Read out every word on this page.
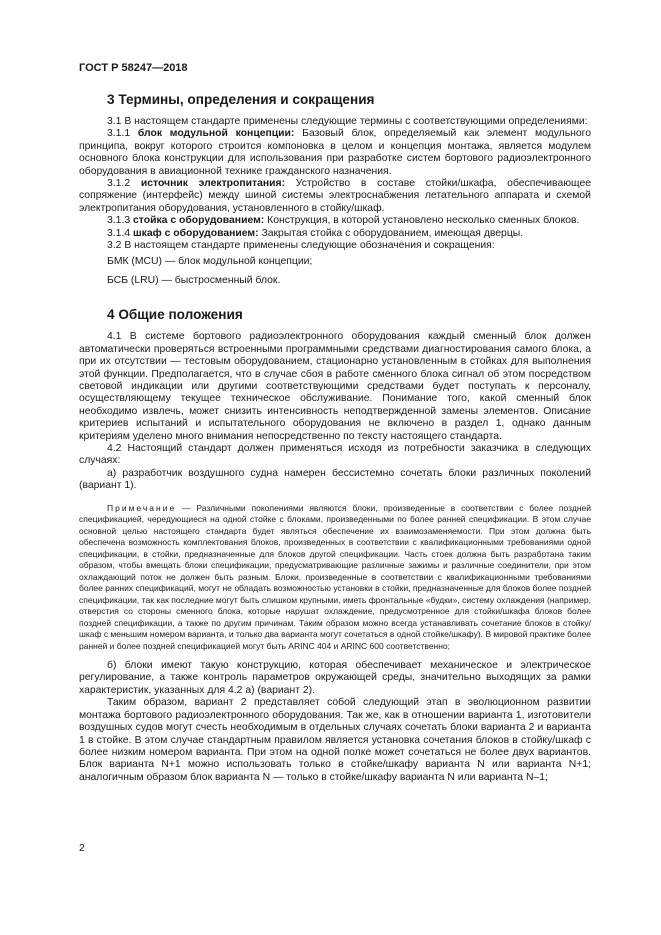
ГОСТ Р 58247—2018
3 Термины, определения и сокращения

3.1 В настоящем стандарте применены следующие термины с соответствующими определениями:

3.1.1 блок модульной концепции: Базовый блок, определяемый как элемент модульного принципа, вокруг которого строится компоновка в целом и концепция монтажа, является модулем основного блока конструкции для использования при разработке систем бортового радиоэлектронного оборудования в авиационной технике гражданского назначения.

3.1.2 источник электропитания: Устройство в составе стойки/шкафа, обеспечивающее сопряжение (интерфейс) между шиной системы электроснабжения летательного аппарата и схемой электропитания оборудования, установленного в стойку/шкаф.

3.1.3 стойка с оборудованием: Конструкция, в которой установлено несколько сменных блоков.

3.1.4 шкаф с оборудованием: Закрытая стойка с оборудованием, имеющая дверцы.

3.2 В настоящем стандарте применены следующие обозначения и сокращения:

БМК (MCU) — блок модульной концепции;

БСБ (LRU) — быстросменный блок.

4 Общие положения

4.1 В системе бортового радиоэлектронного оборудования каждый сменный блок должен автоматически проверяться встроенными программными средствами диагностирования самого блока, а при их отсутствии — тестовым оборудованием, стационарно установленным в стойках для выполнения этой функции. Предполагается, что в случае сбоя в работе сменного блока сигнал об этом посредством световой индикации или другими соответствующими средствами будет поступать к персоналу, осуществляющему текущее техническое обслуживание. Понимание того, какой сменный блок необходимо извлечь, может снизить интенсивность неподтвержденной замены элементов. Описание критериев испытаний и испытательного оборудования не включено в раздел 1, однако данным критериям уделено много внимания непосредственно по тексту настоящего стандарта.

4.2 Настоящий стандарт должен применяться исходя из потребности заказчика в следующих случаях:

а) разработчик воздушного судна намерен бессистемно сочетать блоки различных поколений (вариант 1).

Примечание — Различными поколениями являются блоки, произведенные в соответствии с более поздней спецификацией, чередующиеся на одной стойке с блоками, произведенными по более ранней спецификации. В этом случае основной целью настоящего стандарта будет являться обеспечение их взаимозаменяемости. При этом должна быть обеспечена возможность комплектования блоков, произведенных в соответствии с квалификационными требованиями одной спецификации, в стойки, предназначенные для блоков другой спецификации. Часть стоек должна быть разработана таким образом, чтобы вмещать блоки спецификации, предусматривающие различные зажимы и различные соединители, при этом охлаждающий поток не должен быть разным. Блоки, произведенные в соответствии с квалификационными требованиями более ранних спецификаций, могут не обладать возможностью установки в стойки, предназначенные для блоков более поздней спецификации, так как последние могут быть слишком крупными, иметь фронтальные «будки», систему охлаждения (например, отверстия со стороны сменного блока, которые нарушат охлаждение, предусмотренное для стойки/шкафа блоков более поздней спецификации, а также по другим причинам. Таким образом можно всегда устанавливать сочетание блоков в стойку/шкаф с меньшим номером варианта, и только два варианта могут сочетаться в одной стойке/шкафу). В мировой практике более ранней и более поздней спецификацией могут быть ARINC 404 и ARINC 600 соответственно;

б) блоки имеют такую конструкцию, которая обеспечивает механическое и электрическое регулирование, а также контроль параметров окружающей среды, значительно выходящих за рамки характеристик, указанных для 4.2 а) (вариант 2).

Таким образом, вариант 2 представляет собой следующий этап в эволюционном развитии монтажа бортового радиоэлектронного оборудования. Так же, как в отношении варианта 1, изготовители воздушных судов могут счесть необходимым в отдельных случаях сочетать блоки варианта 2 и варианта 1 в стойке. В этом случае стандартным правилом является установка сочетания блоков в стойку/шкаф с более низким номером варианта. При этом на одной полке может сочетаться не более двух вариантов. Блок варианта N+1 можно использовать только в стойке/шкафу варианта N или варианта N+1; аналогичным образом блок варианта N — только в стойке/шкафу варианта N или варианта N–1;

2
